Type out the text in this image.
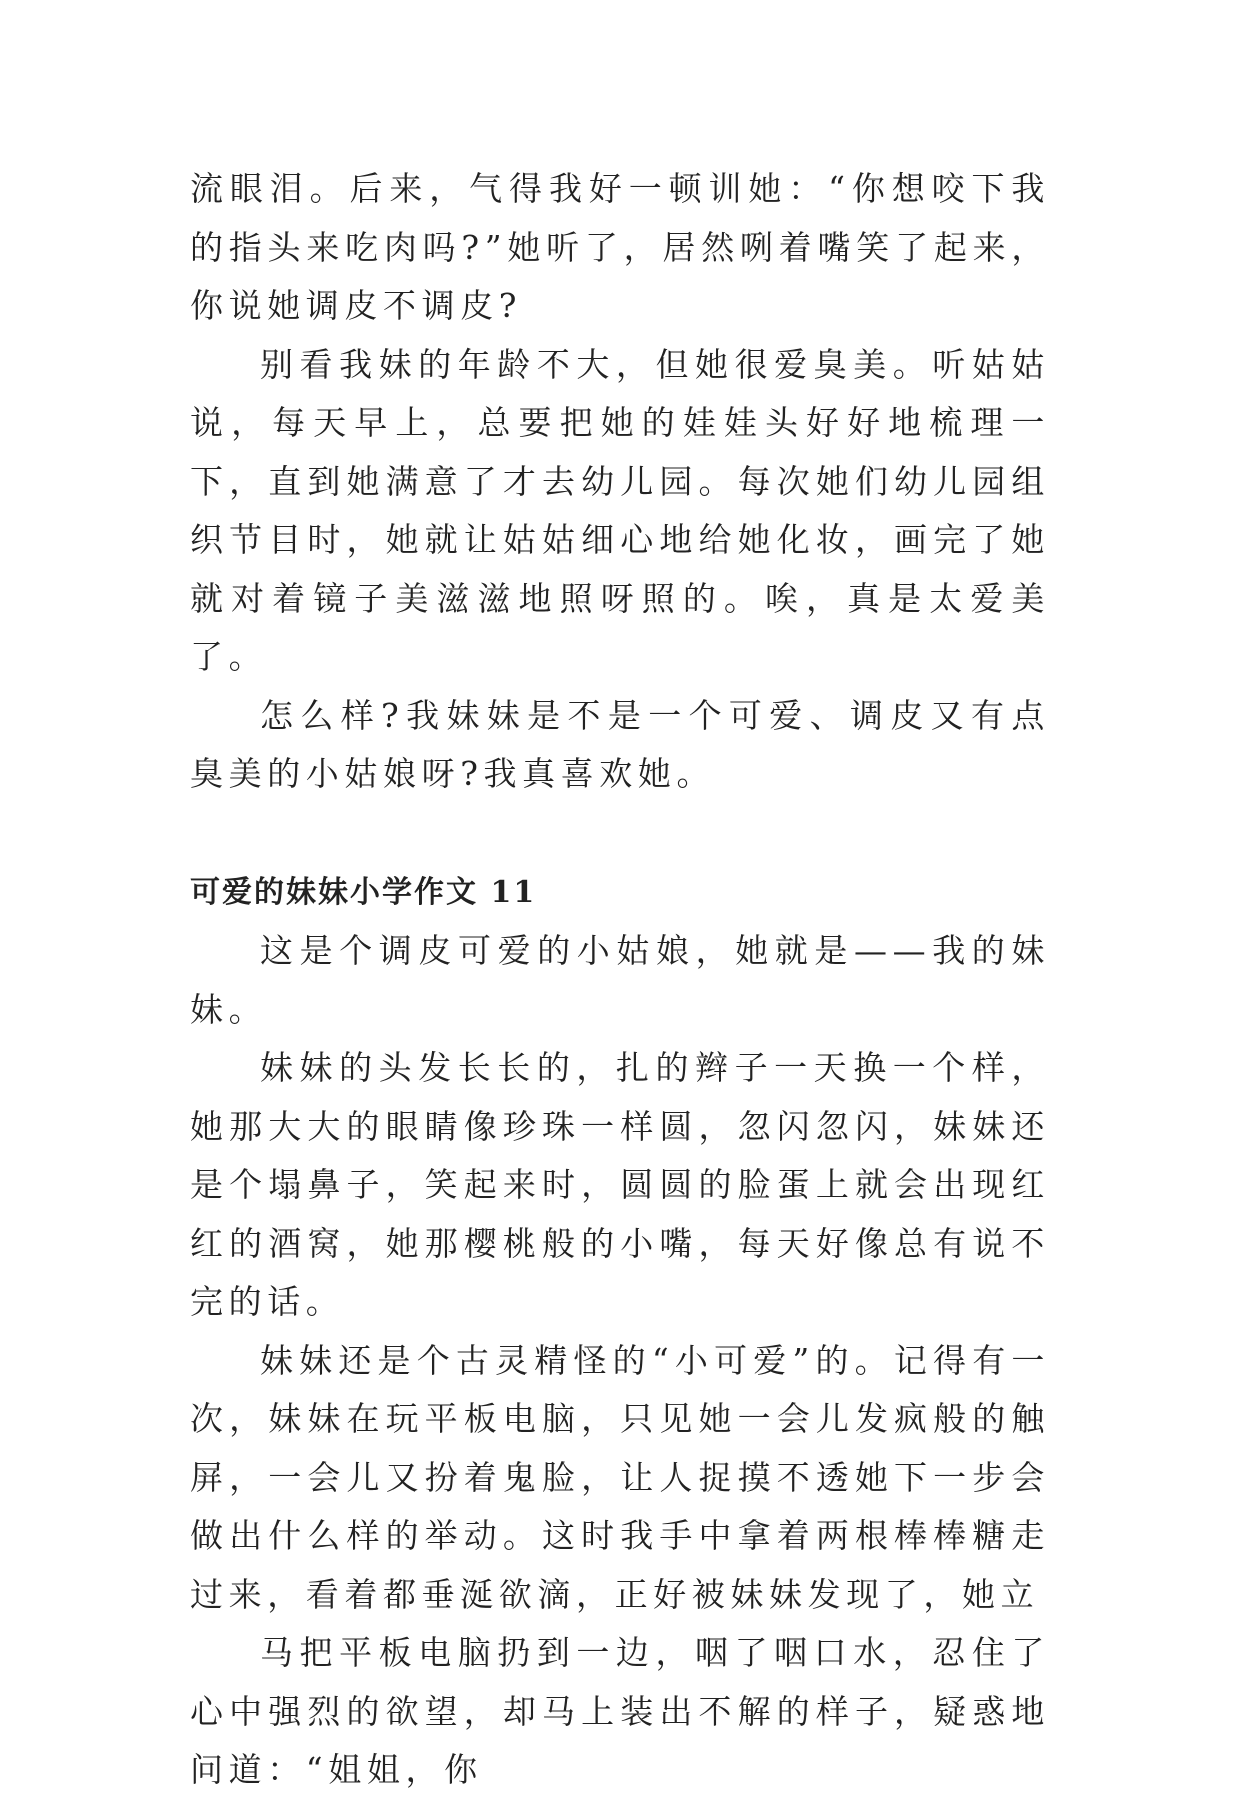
流眼泪。后来，气得我好一顿训她：“你想咬下我的指头来吃肉吗?”她听了，居然咧着嘴笑了起来，你说她调皮不调皮?

别看我妹的年龄不大，但她很爱臭美。听姑姑说，每天早上，总要把她的娃娃头好好地梳理一下，直到她满意了才去幼儿园。每次她们幼儿园组织节目时，她就让姑姑细心地给她化妆，画完了她就对着镜子美滋滋地照呀照的。唉，真是太爱美了。

怎么样?我妹妹是不是一个可爱、调皮又有点臭美的小姑娘呀?我真喜欢她。

可爱的妹妹小学作文 11

这是个调皮可爱的小姑娘，她就是——我的妹妹。

妹妹的头发长长的，扎的辫子一天换一个样，她那大大的眼睛像珍珠一样圆，忽闪忽闪，妹妹还是个塌鼻子，笑起来时，圆圆的脸蛋上就会出现红红的酒窝，她那樱桃般的小嘴，每天好像总有说不完的话。

妹妹还是个古灵精怪的“小可爱”的。记得有一次，妹妹在玩平板电脑，只见她一会儿发疯般的触屏，一会儿又扮着鬼脸，让人捉摸不透她下一步会做出什么样的举动。这时我手中拿着两根棒棒糖走过来，看着都垂涎欲滴，正好被妹妹发现了，她立

马把平板电脑扔到一边，咽了咽口水，忍住了心中强烈的欲望，却马上装出不解的样子，疑惑地问道：“姐姐，你
